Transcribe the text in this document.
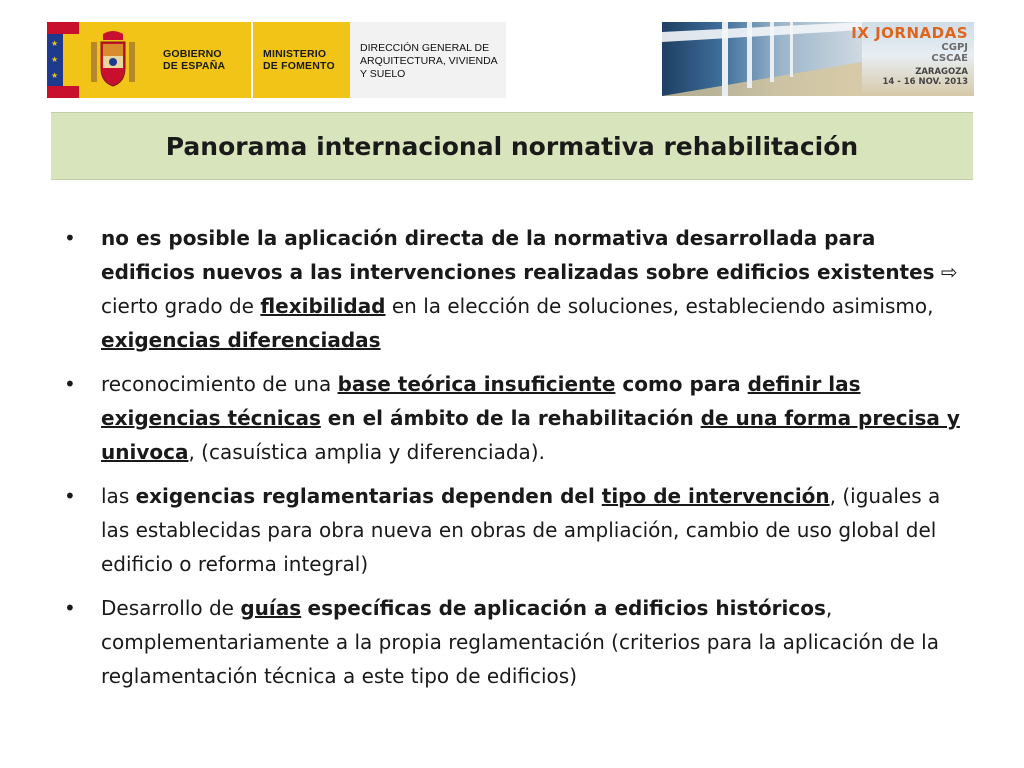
★ ★ ★
GOBIERNO
DE ESPAÑA
MINISTERIO
DE FOMENTO
DIRECCIÓN GENERAL DE ARQUITECTURA, VIVIENDA Y SUELO
IX JORNADAS
CGPJ
CSCAE
ZARAGOZA
14 - 16 NOV. 2013
Panorama internacional normativa rehabilitación
• no es posible la aplicación directa de la normativa desarrollada para edificios nuevos a las intervenciones realizadas sobre edificios existentes ⇨ cierto grado de flexibilidad en la elección de soluciones, estableciendo asimismo, exigencias diferenciadas
• reconocimiento de una base teórica insuficiente como para definir las exigencias técnicas en el ámbito de la rehabilitación de una forma precisa y univoca, (casuística amplia y diferenciada).
• las exigencias reglamentarias dependen del tipo de intervención, (iguales a las establecidas para obra nueva en obras de ampliación, cambio de uso global del edificio o reforma integral)
• Desarrollo de guías específicas de aplicación a edificios históricos, complementariamente a la propia reglamentación (criterios para la aplicación de la reglamentación técnica a este tipo de edificios)
